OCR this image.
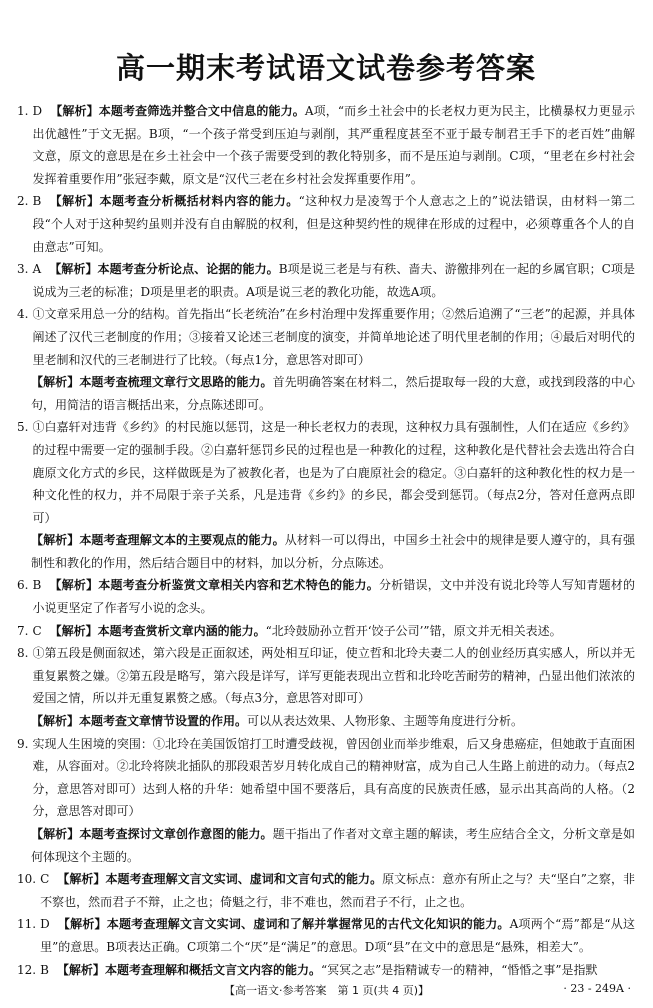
高一期末考试语文试卷参考答案
1. D 【解析】本题考查筛选并整合文中信息的能力。A项，“而乡土社会中的长老权力更为民主，比横暴权力更显示出优越性”于文无据。B项，“一个孩子常受到压迫与剥削，其严重程度甚至不亚于最专制君王手下的老百姓”曲解文意，原文的意思是在乡土社会中一个孩子需要受到的教化特别多，而不是压迫与剥削。C项，“里老在乡村社会发挥着重要作用”张冠李戴，原文是“汉代三老在乡村社会发挥重要作用”。
2. B 【解析】本题考查分析概括材料内容的能力。“这种权力是凌驾于个人意志之上的”说法错误，由材料一第二段“个人对于这种契约虽则并没有自由解脱的权利，但是这种契约性的规律在形成的过程中，必须尊重各个人的自由意志”可知。
3. A 【解析】本题考查分析论点、论据的能力。B项是说三老是与有秩、啬夫、游徼排列在一起的乡属官职；C项是说成为三老的标准；D项是里老的职责。A项是说三老的教化功能，故选A项。
4. ①文章采用总一分的结构。首先指出“长老统治”在乡村治理中发挥重要作用；②然后追溯了“三老”的起源，并具体阐述了汉代三老制度的作用；③接着又论述三老制度的演变，并简单地论述了明代里老制的作用；④最后对明代的里老制和汉代的三老制进行了比较。（每点1分，意思答对即可）
【解析】本题考查梳理文章行文思路的能力。首先明确答案在材料二，然后提取每一段的大意，或找到段落的中心句，用简洁的语言概括出来，分点陈述即可。
5. ①白嘉轩对违背《乡约》的村民施以惩罚，这是一种长老权力的表现，这种权力具有强制性，人们在适应《乡约》的过程中需要一定的强制手段。②白嘉轩惩罚乡民的过程也是一种教化的过程，这种教化是代替社会去选出符合白鹿原文化方式的乡民，这样做既是为了被教化者，也是为了白鹿原社会的稳定。③白嘉轩的这种教化性的权力是一种文化性的权力，并不局限于亲子关系，凡是违背《乡约》的乡民，都会受到惩罚。（每点2分，答对任意两点即可）
【解析】本题考查理解文本的主要观点的能力。从材料一可以得出，中国乡土社会中的规律是要人遵守的，具有强制性和教化的作用，然后结合题目中的材料，加以分析，分点陈述。
6. B 【解析】本题考查分析鉴赏文章相关内容和艺术特色的能力。分析错误，文中并没有说北玲等人写知青题材的小说更坚定了作者写小说的念头。
7. C 【解析】本题考查赏析文章内涵的能力。“北玲鼓励孙立哲开‘饺子公司’”错，原文并无相关表述。
8. ①第五段是侧面叙述，第六段是正面叙述，两处相互印证，使立哲和北玲夫妻二人的创业经历真实感人，所以并无重复累赘之嫌。②第五段是略写，第六段是详写，详写更能表现出立哲和北玲吃苦耐劳的精神，凸显出他们浓浓的爱国之情，所以并无重复累赘之感。（每点3分，意思答对即可）
【解析】本题考查文章情节设置的作用。可以从表达效果、人物形象、主题等角度进行分析。
9. 实现人生困境的突围：①北玲在美国饭馆打工时遭受歧视，曾因创业而举步维艰，后又身患癌症，但她敢于直面困难，从容面对。②北玲将陕北插队的那段艰苦岁月转化成自己的精神财富，成为自己人生路上前进的动力。（每点2分，意思答对即可）达到人格的升华：她希望中国不要落后，具有高度的民族责任感，显示出其高尚的人格。（2分，意思答对即可）
【解析】本题考查探讨文章创作意图的能力。题干指出了作者对文章主题的解读，考生应结合全文，分析文章是如何体现这个主题的。
10. C 【解析】本题考查理解文言文实词、虚词和文言句式的能力。原文标点：意亦有所止之与？夫“坚白”之察，非不察也，然而君子不辩，止之也；倚魁之行，非不难也，然而君子不行，止之也。
11. D 【解析】本题考查理解文言文实词、虚词和了解并掌握常见的古代文化知识的能力。A项两个“焉”都是“从这里”的意思。B项表达正确。C项第二个“厌”是“满足”的意思。D项“县”在文中的意思是“悬殊，相差大”。
12. B 【解析】本题考查理解和概括文言文内容的能力。“冥冥之志”是指精诚专一的精神，“惛惛之事”是指默
【高一语文·参考答案　第 1 页(共 4 页)】	· 23 - 249A ·
